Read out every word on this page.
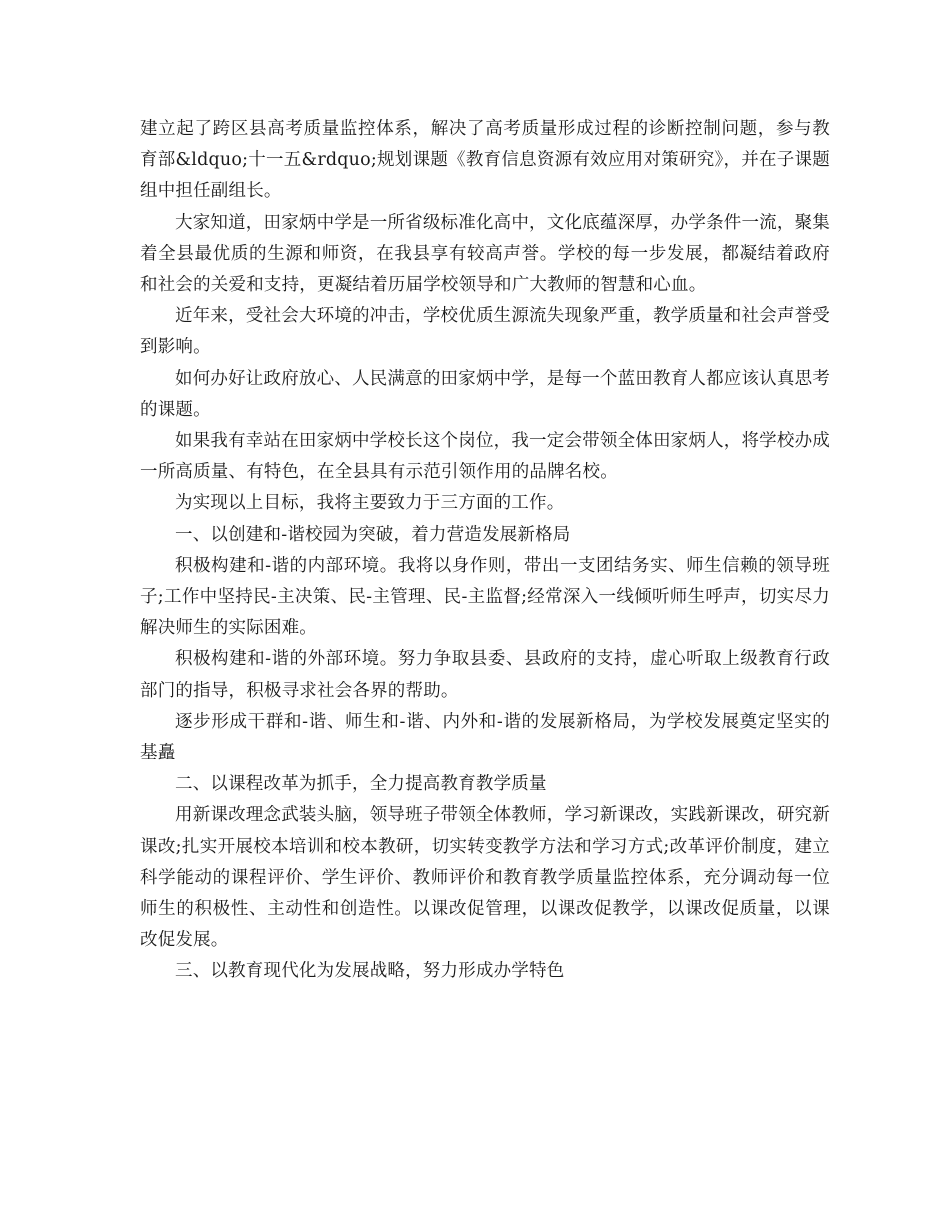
建立起了跨区县高考质量监控体系，解决了高考质量形成过程的诊断控制问题，参与教育部&ldquo;十一五&rdquo;规划课题《教育信息资源有效应用对策研究》，并在子课题组中担任副组长。

大家知道，田家炳中学是一所省级标准化高中，文化底蕴深厚，办学条件一流，聚集着全县最优质的生源和师资，在我县享有较高声誉。学校的每一步发展，都凝结着政府和社会的关爱和支持，更凝结着历届学校领导和广大教师的智慧和心血。

近年来，受社会大环境的冲击，学校优质生源流失现象严重，教学质量和社会声誉受到影响。

如何办好让政府放心、人民满意的田家炳中学，是每一个蓝田教育人都应该认真思考的课题。

如果我有幸站在田家炳中学校长这个岗位，我一定会带领全体田家炳人，将学校办成一所高质量、有特色，在全县具有示范引领作用的品牌名校。

为实现以上目标，我将主要致力于三方面的工作。

一、以创建和-谐校园为突破，着力营造发展新格局

积极构建和-谐的内部环境。我将以身作则，带出一支团结务实、师生信赖的领导班子;工作中坚持民-主决策、民-主管理、民-主监督;经常深入一线倾听师生呼声，切实尽力解决师生的实际困难。

积极构建和-谐的外部环境。努力争取县委、县政府的支持，虚心听取上级教育行政部门的指导，积极寻求社会各界的帮助。

逐步形成干群和-谐、师生和-谐、内外和-谐的发展新格局，为学校发展奠定坚实的基矗

二、以课程改革为抓手，全力提高教育教学质量

用新课改理念武装头脑，领导班子带领全体教师，学习新课改，实践新课改，研究新课改;扎实开展校本培训和校本教研，切实转变教学方法和学习方式;改革评价制度，建立科学能动的课程评价、学生评价、教师评价和教育教学质量监控体系，充分调动每一位师生的积极性、主动性和创造性。以课改促管理，以课改促教学，以课改促质量，以课改促发展。

三、以教育现代化为发展战略，努力形成办学特色
